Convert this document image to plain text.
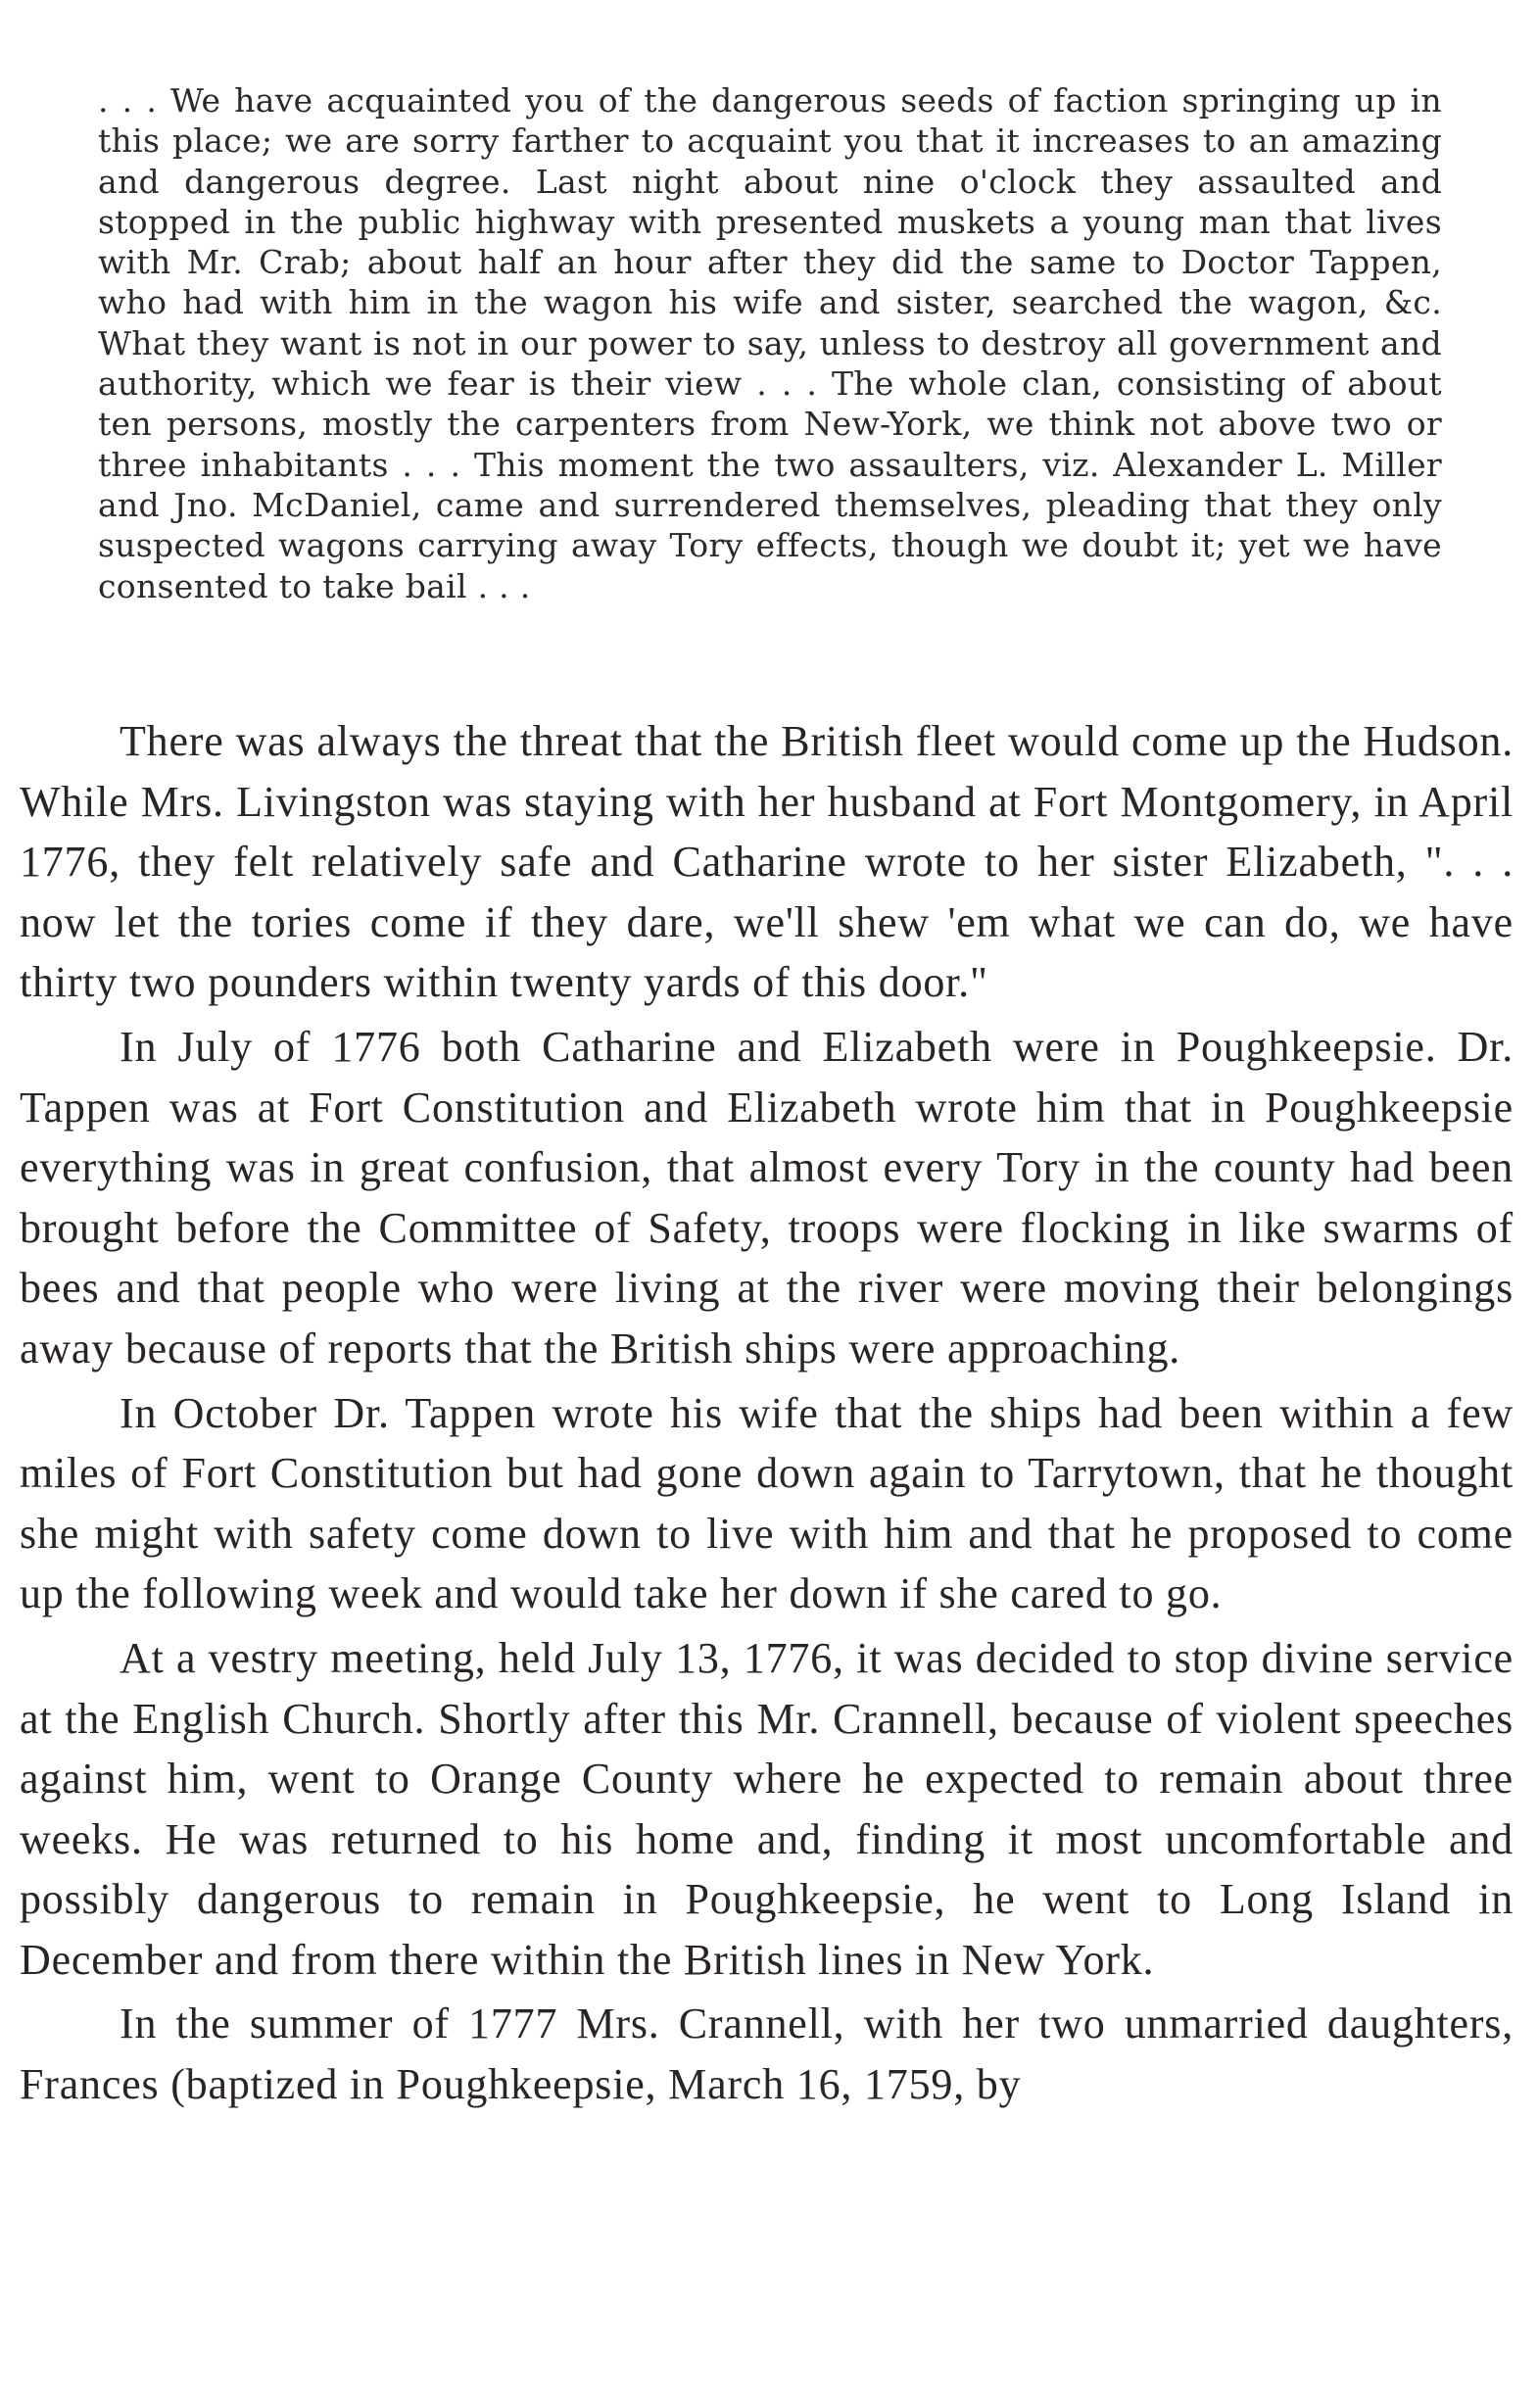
. . . We have acquainted you of the dangerous seeds of faction springing up in this place; we are sorry farther to acquaint you that it increases to an amazing and dangerous degree. Last night about nine o'clock they assaulted and stopped in the public highway with presented muskets a young man that lives with Mr. Crab; about half an hour after they did the same to Doctor Tappen, who had with him in the wagon his wife and sister, searched the wagon, &c. What they want is not in our power to say, unless to destroy all government and authority, which we fear is their view . . . The whole clan, consisting of about ten persons, mostly the carpenters from New-York, we think not above two or three inhabitants . . . This moment the two assaulters, viz. Alexander L. Miller and Jno. McDaniel, came and surrendered themselves, pleading that they only suspected wagons carrying away Tory effects, though we doubt it; yet we have consented to take bail . . .

There was always the threat that the British fleet would come up the Hudson. While Mrs. Livingston was staying with her husband at Fort Montgomery, in April 1776, they felt relatively safe and Catharine wrote to her sister Elizabeth, ". . . now let the tories come if they dare, we'll shew 'em what we can do, we have thirty two pounders within twenty yards of this door."

In July of 1776 both Catharine and Elizabeth were in Poughkeepsie. Dr. Tappen was at Fort Constitution and Elizabeth wrote him that in Poughkeepsie everything was in great confusion, that almost every Tory in the county had been brought before the Committee of Safety, troops were flocking in like swarms of bees and that people who were living at the river were moving their belongings away because of reports that the British ships were approaching.

In October Dr. Tappen wrote his wife that the ships had been within a few miles of Fort Constitution but had gone down again to Tarrytown, that he thought she might with safety come down to live with him and that he proposed to come up the following week and would take her down if she cared to go.

At a vestry meeting, held July 13, 1776, it was decided to stop divine service at the English Church. Shortly after this Mr. Crannell, because of violent speeches against him, went to Orange County where he expected to remain about three weeks. He was returned to his home and, finding it most uncomfortable and possibly dangerous to remain in Poughkeepsie, he went to Long Island in December and from there within the British lines in New York.

In the summer of 1777 Mrs. Crannell, with her two unmarried daughters, Frances (baptized in Poughkeepsie, March 16, 1759, by
